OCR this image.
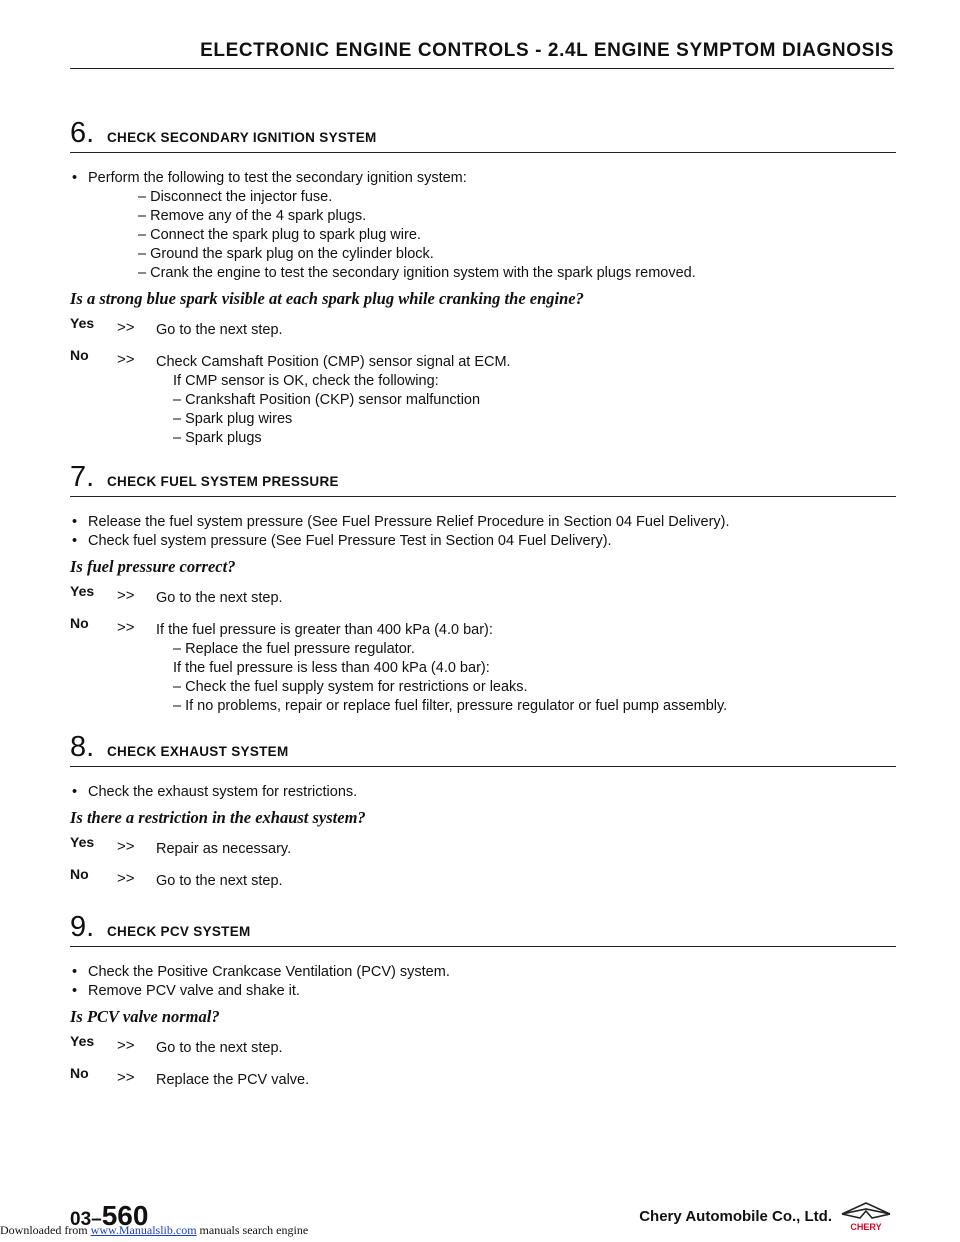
ELECTRONIC ENGINE CONTROLS - 2.4L ENGINE SYMPTOM DIAGNOSIS
6. CHECK SECONDARY IGNITION SYSTEM
• Perform the following to test the secondary ignition system:
– Disconnect the injector fuse.
– Remove any of the 4 spark plugs.
– Connect the spark plug to spark plug wire.
– Ground the spark plug on the cylinder block.
– Crank the engine to test the secondary ignition system with the spark plugs removed.
Is a strong blue spark visible at each spark plug while cranking the engine?
Yes >> Go to the next step.
No >> Check Camshaft Position (CMP) sensor signal at ECM.
If CMP sensor is OK, check the following:
– Crankshaft Position (CKP) sensor malfunction
– Spark plug wires
– Spark plugs
7. CHECK FUEL SYSTEM PRESSURE
• Release the fuel system pressure (See Fuel Pressure Relief Procedure in Section 04 Fuel Delivery).
• Check fuel system pressure (See Fuel Pressure Test in Section 04 Fuel Delivery).
Is fuel pressure correct?
Yes >> Go to the next step.
No >> If the fuel pressure is greater than 400 kPa (4.0 bar):
– Replace the fuel pressure regulator.
If the fuel pressure is less than 400 kPa (4.0 bar):
– Check the fuel supply system for restrictions or leaks.
– If no problems, repair or replace fuel filter, pressure regulator or fuel pump assembly.
8. CHECK EXHAUST SYSTEM
• Check the exhaust system for restrictions.
Is there a restriction in the exhaust system?
Yes >> Repair as necessary.
No >> Go to the next step.
9. CHECK PCV SYSTEM
• Check the Positive Crankcase Ventilation (PCV) system.
• Remove PCV valve and shake it.
Is PCV valve normal?
Yes >> Go to the next step.
No >> Replace the PCV valve.
03–560	Chery Automobile Co., Ltd.
CHERY
Downloaded from www.Manualslib.com manuals search engine
